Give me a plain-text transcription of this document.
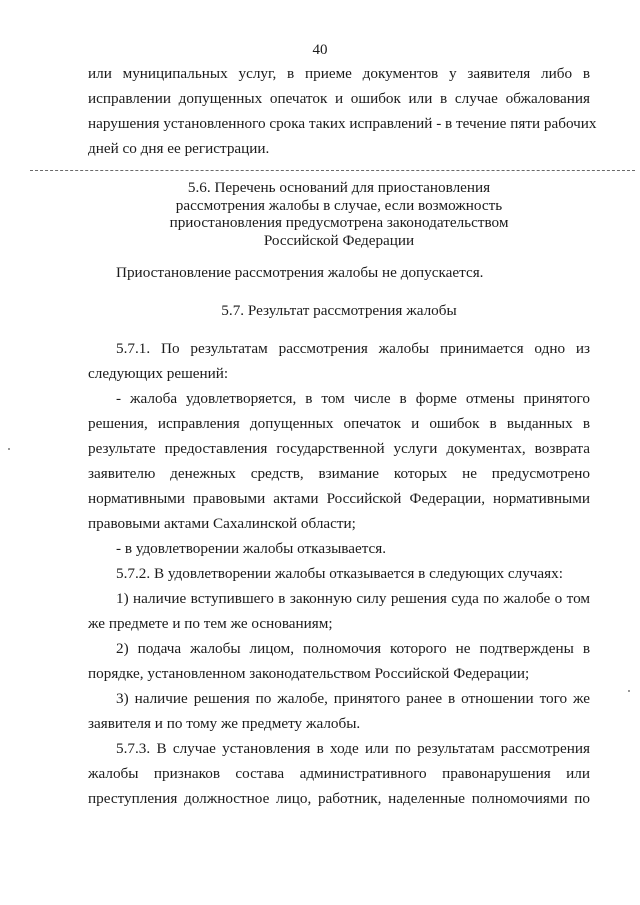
40
или муниципальных услуг, в приеме документов у заявителя либо в
исправлении допущенных опечаток и ошибок или в случае обжалования
нарушения установленного срока таких исправлений - в течение пяти рабочих
дней со дня ее регистрации.
5.6. Перечень оснований для приостановления
рассмотрения жалобы в случае, если возможность
приостановления предусмотрена законодательством
Российской Федерации
Приостановление рассмотрения жалобы не допускается.
5.7. Результат рассмотрения жалобы
5.7.1. По результатам рассмотрения жалобы принимается одно из
следующих решений:
- жалоба удовлетворяется, в том числе в форме отмены принятого
решения, исправления допущенных опечаток и ошибок в выданных в
результате предоставления государственной услуги документах, возврата
заявителю денежных средств, взимание которых не предусмотрено
нормативными правовыми актами Российской Федерации, нормативными
правовыми актами Сахалинской области;
- в удовлетворении жалобы отказывается.
5.7.2. В удовлетворении жалобы отказывается в следующих случаях:
1) наличие вступившего в законную силу решения суда по жалобе о том
же предмете и по тем же основаниям;
2) подача жалобы лицом, полномочия которого не подтверждены в
порядке, установленном законодательством Российской Федерации;
3) наличие решения по жалобе, принятого ранее в отношении того же
заявителя и по тому же предмету жалобы.
5.7.3. В случае установления в ходе или по результатам рассмотрения
жалобы признаков состава административного правонарушения или
преступления должностное лицо, работник, наделенные полномочиями по
